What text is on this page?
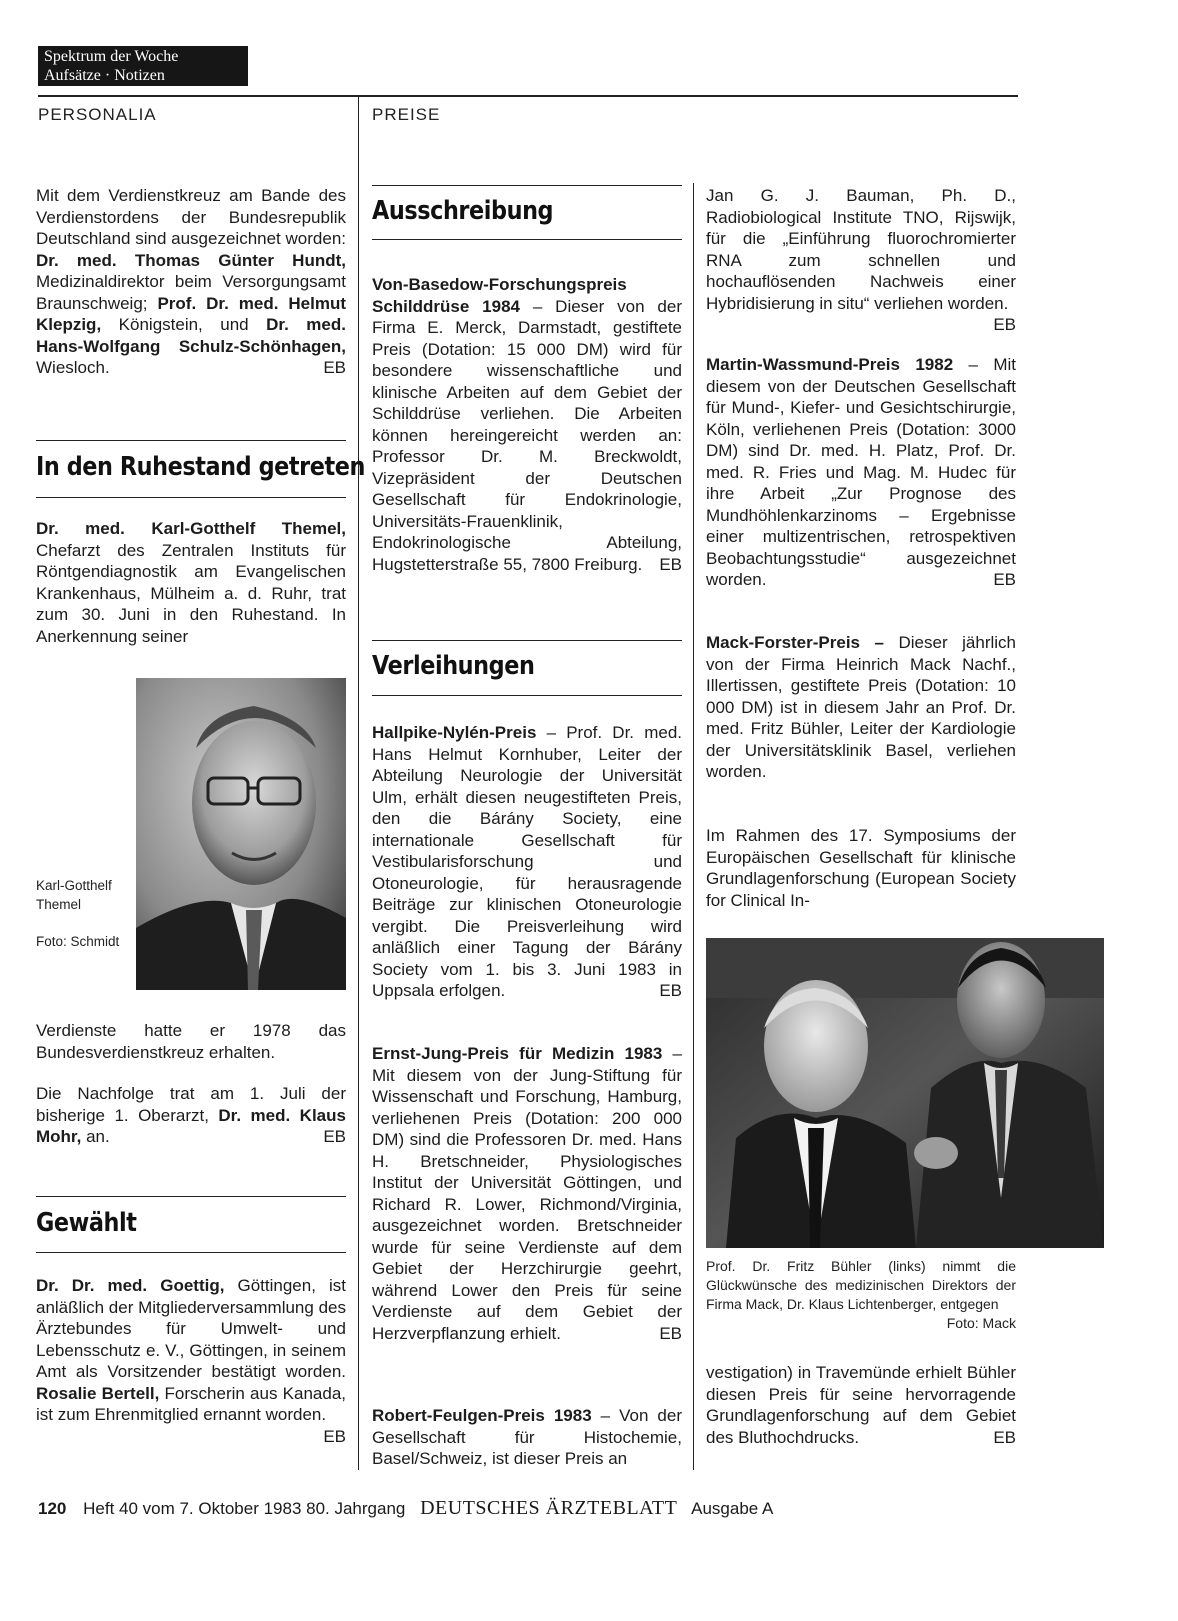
Spektrum der Woche
Aufsätze · Notizen
PERSONALIA	PREISE

Mit dem Verdienstkreuz am Bande des Verdienstordens der Bundesrepublik Deutschland sind ausgezeichnet worden: Dr. med. Thomas Günter Hundt, Medizinaldirektor beim Versorgungsamt Braunschweig; Prof. Dr. med. Helmut Klepzig, Königstein, und Dr. med. Hans-Wolfgang Schulz-Schönhagen, Wiesloch.	EB

In den Ruhestand getreten

Dr. med. Karl-Gotthelf Themel, Chefarzt des Zentralen Instituts für Röntgendiagnostik am Evangelischen Krankenhaus, Mülheim a. d. Ruhr, trat zum 30. Juni in den Ruhestand. In Anerkennung seiner

Karl-Gotthelf Themel
Foto: Schmidt

Verdienste hatte er 1978 das Bundesverdienstkreuz erhalten.

Die Nachfolge trat am 1. Juli der bisherige 1. Oberarzt, Dr. med. Klaus Mohr, an.	EB

Gewählt

Dr. Dr. med. Goettig, Göttingen, ist anläßlich der Mitgliederversammlung des Ärztebundes für Umwelt- und Lebensschutz e. V., Göttingen, in seinem Amt als Vorsitzender bestätigt worden. Rosalie Bertell, Forscherin aus Kanada, ist zum Ehrenmitglied ernannt worden.
EB

Ausschreibung

Von-Basedow-Forschungspreis Schilddrüse 1984 – Dieser von der Firma E. Merck, Darmstadt, gestiftete Preis (Dotation: 15 000 DM) wird für besondere wissenschaftliche und klinische Arbeiten auf dem Gebiet der Schilddrüse verliehen. Die Arbeiten können hereingereicht werden an: Professor Dr. M. Breckwoldt, Vizepräsident der Deutschen Gesellschaft für Endokrinologie, Universitäts-Frauenklinik, Endokrinologische Abteilung, Hugstetterstraße 55, 7800 Freiburg. EB

Verleihungen

Hallpike-Nylén-Preis – Prof. Dr. med. Hans Helmut Kornhuber, Leiter der Abteilung Neurologie der Universität Ulm, erhält diesen neugestifteten Preis, den die Bárány Society, eine internationale Gesellschaft für Vestibularisforschung und Otoneurologie, für herausragende Beiträge zur klinischen Otoneurologie vergibt. Die Preisverleihung wird anläßlich einer Tagung der Bárány Society vom 1. bis 3. Juni 1983 in Uppsala erfolgen.	EB

Ernst-Jung-Preis für Medizin 1983 – Mit diesem von der Jung-Stiftung für Wissenschaft und Forschung, Hamburg, verliehenen Preis (Dotation: 200 000 DM) sind die Professoren Dr. med. Hans H. Bretschneider, Physiologisches Institut der Universität Göttingen, und Richard R. Lower, Richmond/Virginia, ausgezeichnet worden. Bretschneider wurde für seine Verdienste auf dem Gebiet der Herzchirurgie geehrt, während Lower den Preis für seine Verdienste auf dem Gebiet der Herzverpflanzung erhielt.	EB

Robert-Feulgen-Preis 1983 – Von der Gesellschaft für Histochemie, Basel/Schweiz, ist dieser Preis an

Jan G. J. Bauman, Ph. D., Radiobiological Institute TNO, Rijswijk, für die „Einführung fluorochromierter RNA zum schnellen und hochauflösenden Nachweis einer Hybridisierung in situ“ verliehen worden.
EB

Martin-Wassmund-Preis 1982 – Mit diesem von der Deutschen Gesellschaft für Mund-, Kiefer- und Gesichtschirurgie, Köln, verliehenen Preis (Dotation: 3000 DM) sind Dr. med. H. Platz, Prof. Dr. med. R. Fries und Mag. M. Hudec für ihre Arbeit „Zur Prognose des Mundhöhlenkarzinoms – Ergebnisse einer multizentrischen, retrospektiven Beobachtungsstudie“ ausgezeichnet worden.	EB

Mack-Forster-Preis – Dieser jährlich von der Firma Heinrich Mack Nachf., Illertissen, gestiftete Preis (Dotation: 10 000 DM) ist in diesem Jahr an Prof. Dr. med. Fritz Bühler, Leiter der Kardiologie der Universitätsklinik Basel, verliehen worden.

Im Rahmen des 17. Symposiums der Europäischen Gesellschaft für klinische Grundlagenforschung (European Society for Clinical In-

Prof. Dr. Fritz Bühler (links) nimmt die Glückwünsche des medizinischen Direktors der Firma Mack, Dr. Klaus Lichtenberger, entgegen
Foto: Mack

vestigation) in Travemünde erhielt Bühler diesen Preis für seine hervorragende Grundlagenforschung auf dem Gebiet des Bluthochdrucks.	EB

120 Heft 40 vom 7. Oktober 1983 80. Jahrgang DEUTSCHES ÄRZTEBLATT Ausgabe A
